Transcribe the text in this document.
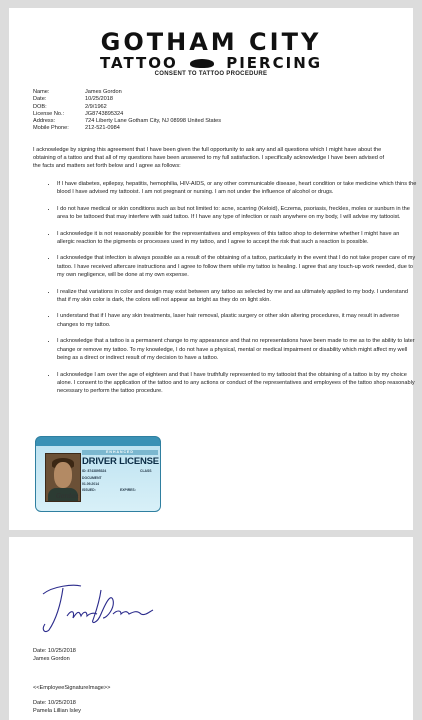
GOTHAM CITY
TATTOO	PIERCING
CONSENT TO TATTOO PROCEDURE
Name:	James Gordon
Date:	10/25/2018
DOB:	2/9/1962
License No.:	JG8743895324
Address:	724 Liberty Lane Gotham City, NJ 08998 United States
Mobile Phone:	212-521-0984
I acknowledge by signing this agreement that I have been given the full opportunity to ask any and all questions which I might have about the obtaining of a tattoo and that all of my questions have been answered to my full satisfaction. I specifically acknowledge I have been advised of the facts and matters set forth below and I agree as follows:
• If I have diabetes, epilepsy, hepatitis, hemophilia, HIV-AIDS, or any other communicable disease, heart condition or take medicine which thins the blood I have advised my tattooist. I am not pregnant or nursing. I am not under the influence of alcohol or drugs.
• I do not have medical or skin conditions such as but not limited to: acne, scarring (Keloid), Eczema, psoriasis, freckles, moles or sunburn in the area to be tattooed that may interfere with said tattoo. If I have any type of infection or rash anywhere on my body, I will advise my tattooist.
• I acknowledge it is not reasonably possible for the representatives and employees of this tattoo shop to determine whether I might have an allergic reaction to the pigments or processes used in my tattoo, and I agree to accept the risk that such a reaction is possible.
• I acknowledge that infection is always possible as a result of the obtaining of a tattoo, particularly in the event that I do not take proper care of my tattoo. I have received aftercare instructions and I agree to follow them while my tattoo is healing. I agree that any touch-up work needed, due to my own negligence, will be done at my own expense.
• I realize that variations in color and design may exist between any tattoo as selected by me and as ultimately applied to my body. I understand that if my skin color is dark, the colors will not appear as bright as they do on light skin.
• I understand that if I have any skin treatments, laser hair removal, plastic surgery or other skin altering procedures, it may result in adverse changes to my tattoo.
• I acknowledge that a tattoo is a permanent change to my appearance and that no representations have been made to me as to the ability to later change or remove my tattoo. To my knowledge, I do not have a physical, mental or medical impairment or disability which might affect my well being as a direct or indirect result of my decision to have a tattoo.
• I acknowledge I am over the age of eighteen and that I have truthfully represented to my tattooist that the obtaining of a tattoo is by my choice alone. I consent to the application of the tattoo and to any actions or conduct of the representatives and employees of the tattoo shop reasonably necessary to perform the tattoo procedure.
ENHANCED
DRIVER LICENSE
ID: 8743895324	CLASS
DOCUMENT
01.09.2014
ISSUED:	EXPIRES:
Gordon
Date: 10/25/2018
James Gordon
<<EmployeeSignatureImage>>
Date: 10/25/2018
Pamela Lillian Isley
